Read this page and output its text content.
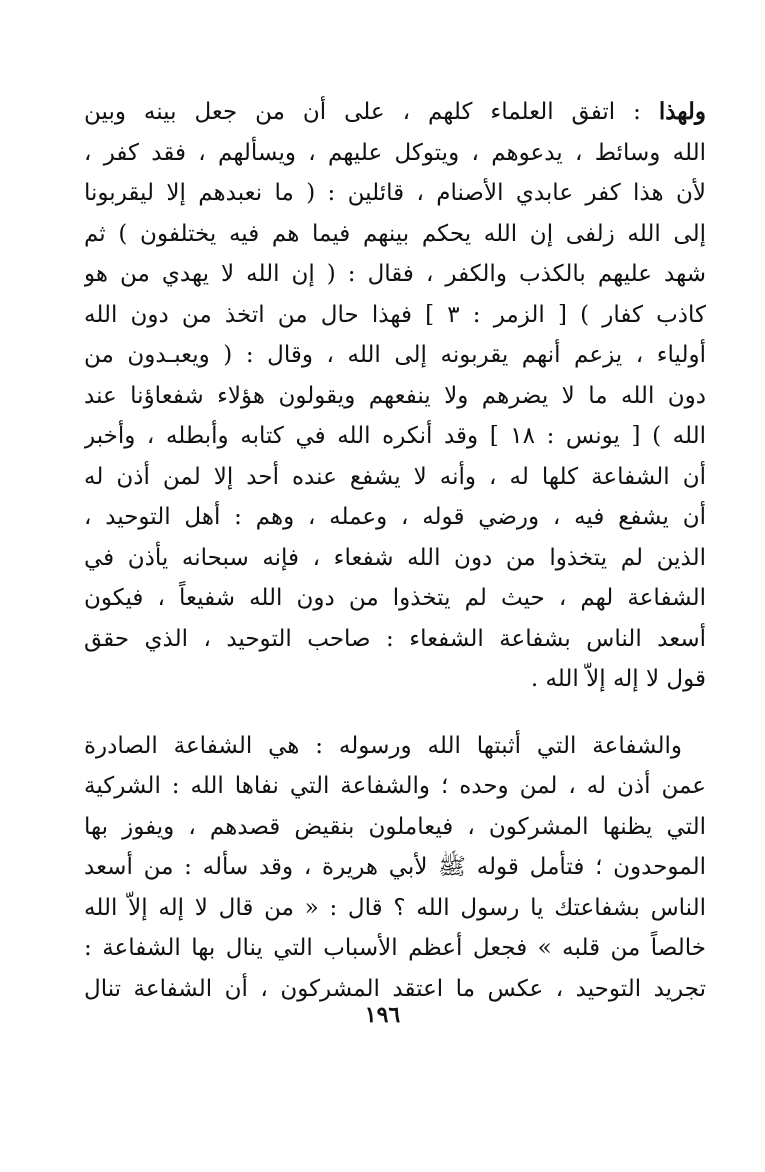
ولهذا : اتفق العلماء كلهم ، على أن من جعل بينه وبين
الله وسائط ، يدعوهم ، ويتوكل عليهم ، ويسألهم ، فقد كفر ،
لأن هذا كفر عابدي الأصنام ، قائلين : ( ما نعبدهم إلا ليقربونا
إلى الله زلفى إن الله يحكم بينهم فيما هم فيه يختلفون ) ثم
شهد عليهم بالكذب والكفر ، فقال : ( إن الله لا يهدي من هو
كاذب كفار ) [ الزمر : ٣ ] فهذا حال من اتخذ من دون الله
أولياء ، يزعم أنهم يقربونه إلى الله ، وقال : ( ويعبـدون من
دون الله ما لا يضرهم ولا ينفعهم ويقولون هؤلاء شفعاؤنا عند
الله ) [ يونس : ١٨ ] وقد أنكره الله في كتابه وأبطله ، وأخبر
أن الشفاعة كلها له ، وأنه لا يشفع عنده أحد إلا لمن أذن له
أن يشفع فيه ، ورضي قوله ، وعمله ، وهم : أهل التوحيد ،
الذين لم يتخذوا من دون الله شفعاء ، فإنه سبحانه يأذن في
الشفاعة لهم ، حيث لم يتخذوا من دون الله شفيعاً ، فيكون
أسعد الناس بشفاعة الشفعاء : صاحب التوحيد ، الذي حقق
قول لا إله إلاّ الله .
والشفاعة التي أثبتها الله ورسوله : هي الشفاعة الصادرة
عمن أذن له ، لمن وحده ؛ والشفاعة التي نفاها الله : الشركية
التي يظنها المشركون ، فيعاملون بنقيض قصدهم ، ويفوز بها
الموحدون ؛ فتأمل قوله ﷺ لأبي هريرة ، وقد سأله : من أسعد
الناس بشفاعتك يا رسول الله ؟ قال : « من قال لا إله إلاّ الله
خالصاً من قلبه » فجعل أعظم الأسباب التي ينال بها الشفاعة :
تجريد التوحيد ، عكس ما اعتقد المشركون ، أن الشفاعة تنال
١٩٦
